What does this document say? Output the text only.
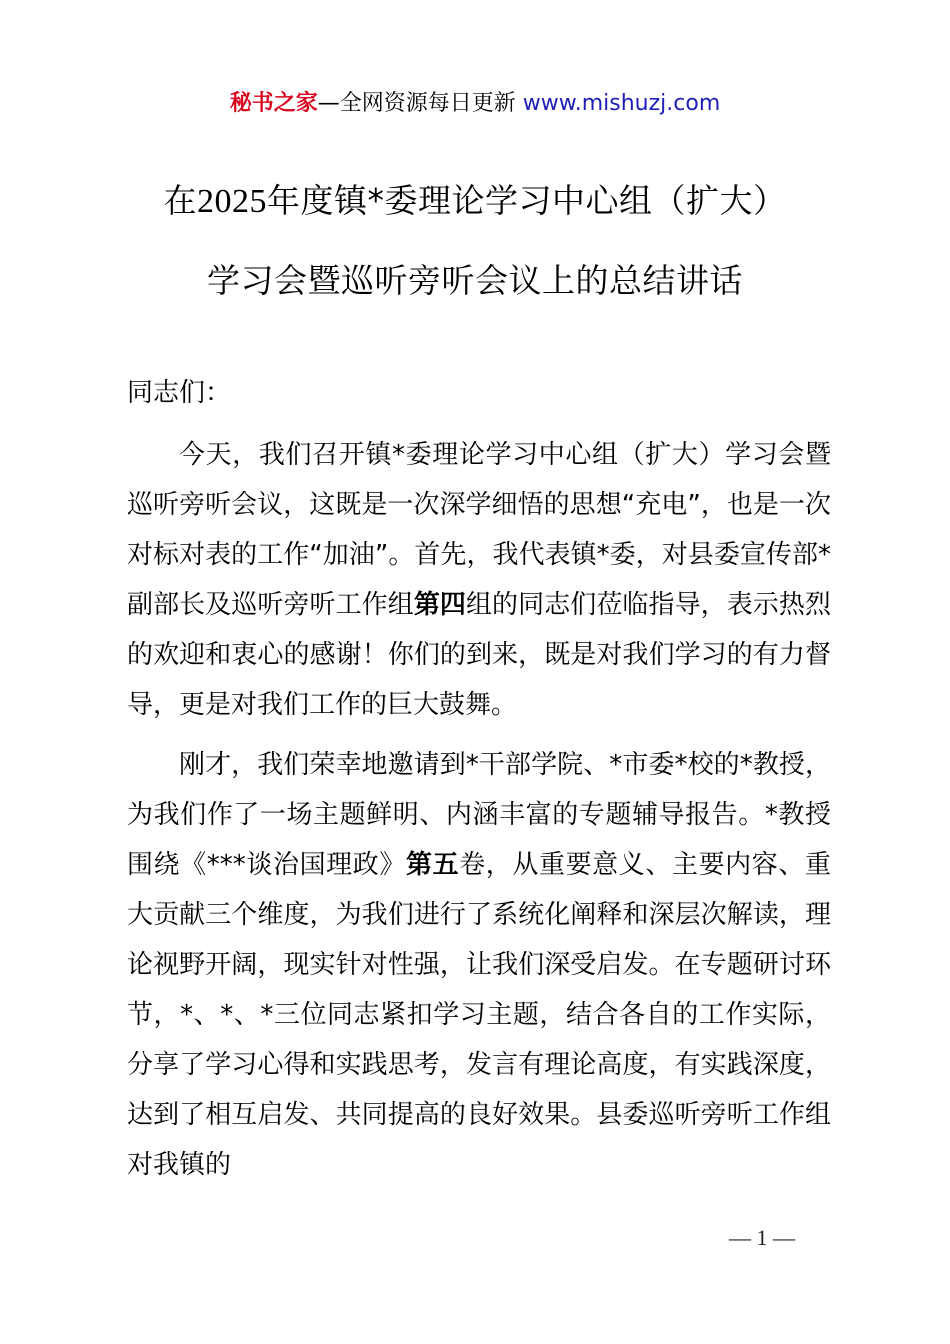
秘书之家—全网资源每日更新 www.mishuzj.com
在2025年度镇*委理论学习中心组（扩大）
学习会暨巡听旁听会议上的总结讲话

同志们：

今天，我们召开镇*委理论学习中心组（扩大）学习会暨巡听旁听会议，这既是一次深学细悟的思想“充电”，也是一次对标对表的工作“加油”。首先，我代表镇*委，对县委宣传部*副部长及巡听旁听工作组第四组的同志们莅临指导，表示热烈的欢迎和衷心的感谢！你们的到来，既是对我们学习的有力督导，更是对我们工作的巨大鼓舞。

刚才，我们荣幸地邀请到*干部学院、*市委*校的*教授，为我们作了一场主题鲜明、内涵丰富的专题辅导报告。*教授围绕《***谈治国理政》第五卷，从重要意义、主要内容、重大贡献三个维度，为我们进行了系统化阐释和深层次解读，理论视野开阔，现实针对性强，让我们深受启发。在专题研讨环节，*、*、*三位同志紧扣学习主题，结合各自的工作实际，分享了学习心得和实践思考，发言有理论高度，有实践深度，达到了相互启发、共同提高的良好效果。县委巡听旁听工作组对我镇的

— 1 —
